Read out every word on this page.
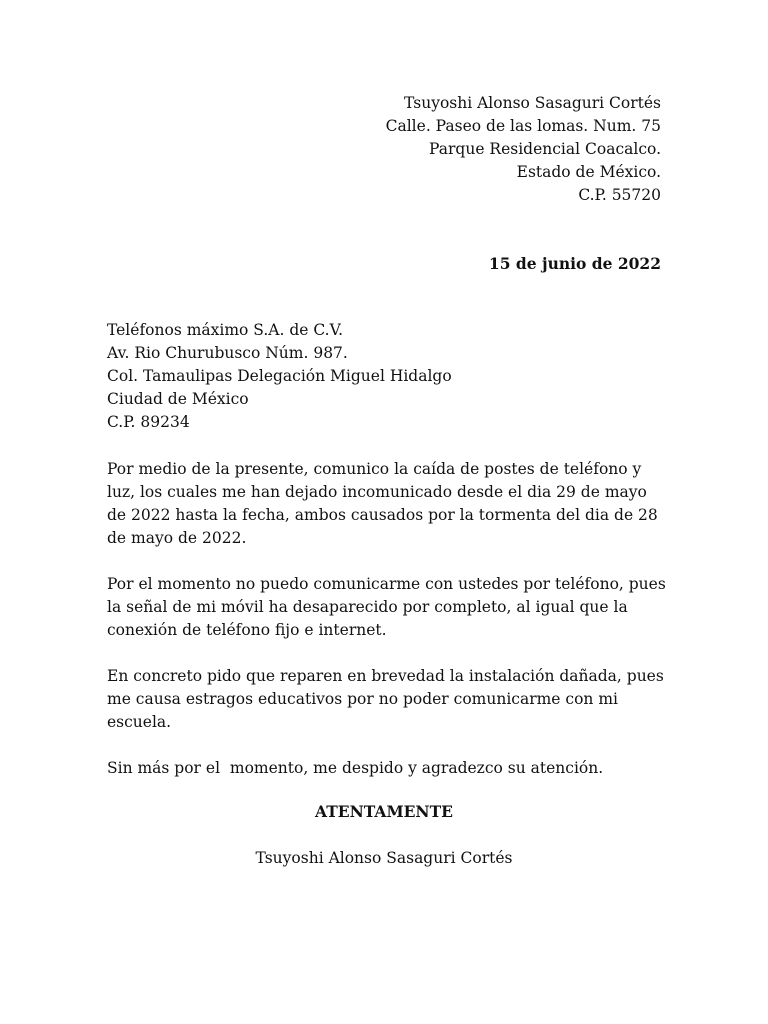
Tsuyoshi Alonso Sasaguri Cortés
Calle. Paseo de las lomas. Num. 75
Parque Residencial Coacalco.
Estado de México.
C.P. 55720
15 de junio de 2022
Teléfonos máximo S.A. de C.V.
Av. Rio Churubusco Núm. 987.
Col. Tamaulipas Delegación Miguel Hidalgo
Ciudad de México
C.P. 89234

Por medio de la presente, comunico la caída de postes de teléfono y luz, los cuales me han dejado incomunicado desde el dia 29 de mayo de 2022 hasta la fecha, ambos causados por la tormenta del dia de 28 de mayo de 2022.

Por el momento no puedo comunicarme con ustedes por teléfono, pues la señal de mi móvil ha desaparecido por completo, al igual que la conexión de teléfono fijo e internet.

En concreto pido que reparen en brevedad la instalación dañada, pues me causa estragos educativos por no poder comunicarme con mi escuela.

Sin más por el  momento, me despido y agradezco su atención.

ATENTAMENTE
Tsuyoshi Alonso Sasaguri Cortés
